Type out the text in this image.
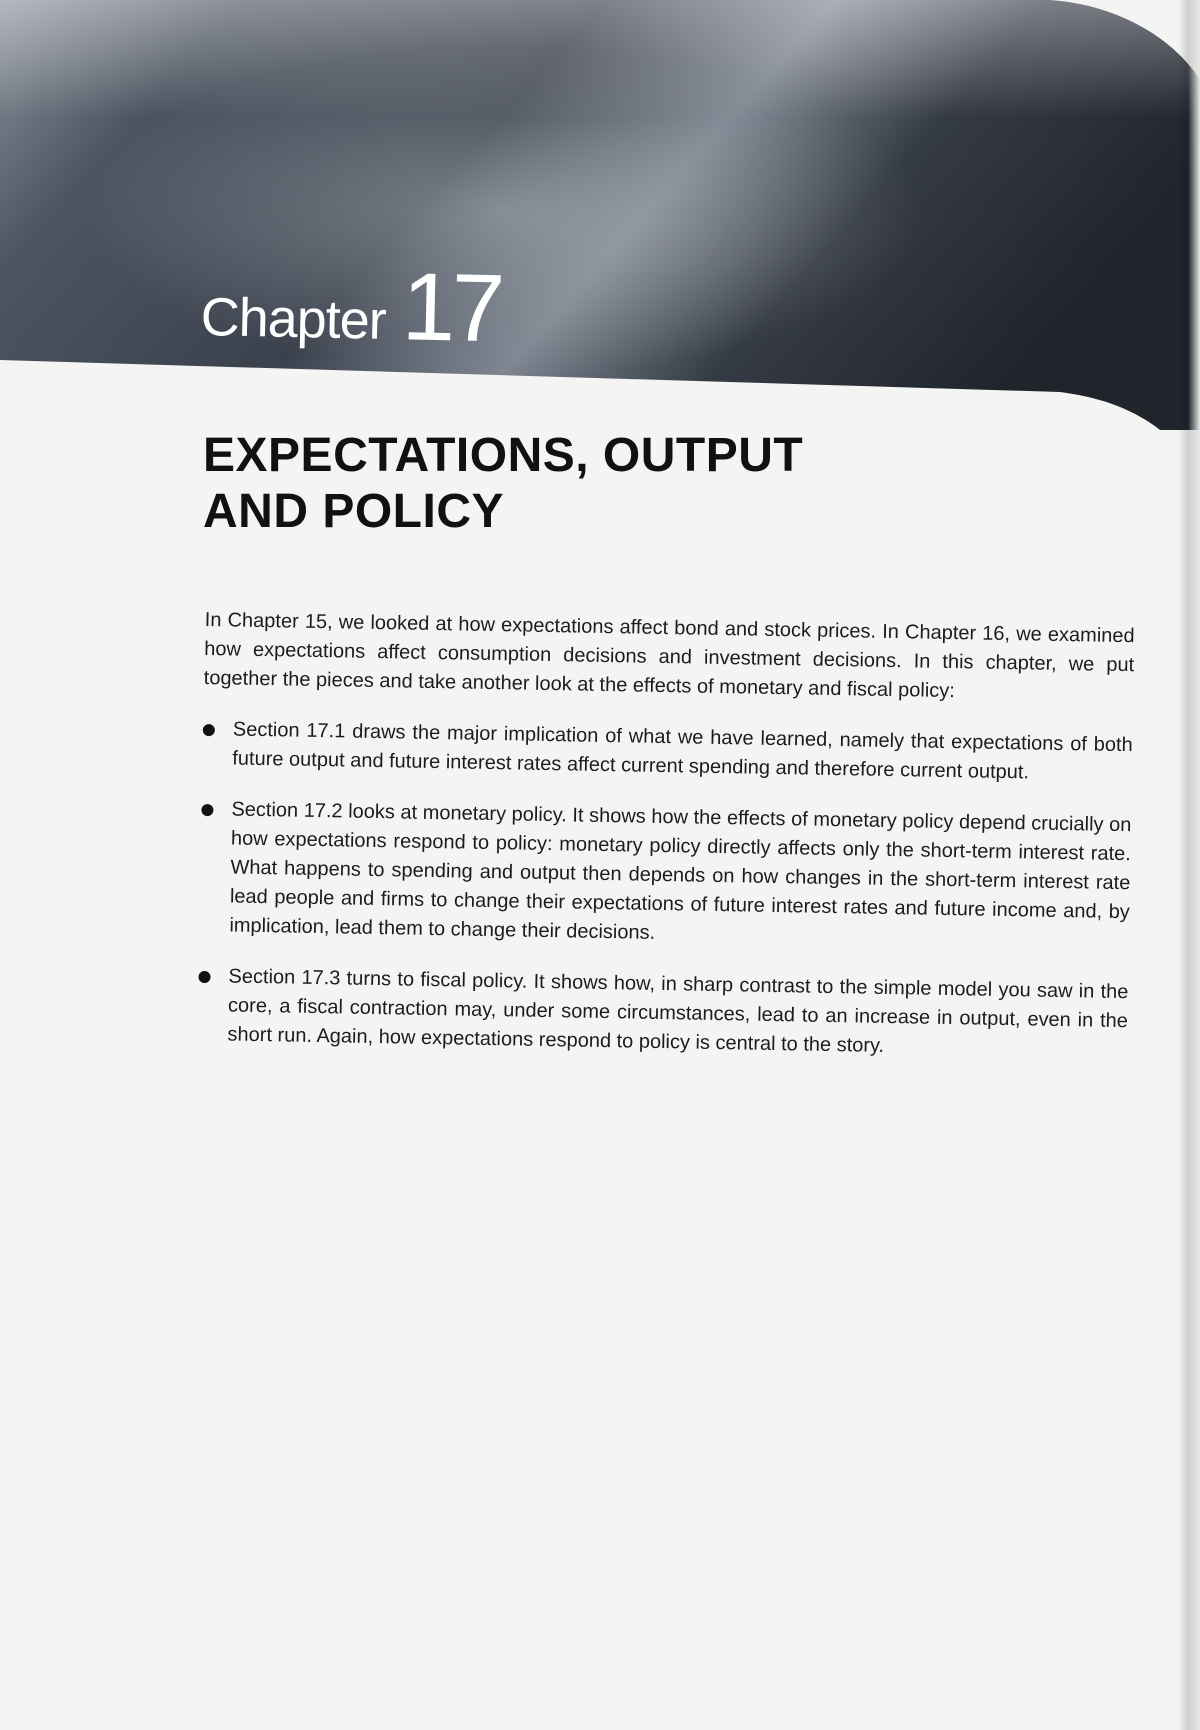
Chapter 17
EXPECTATIONS, OUTPUT
AND POLICY

In Chapter 15, we looked at how expectations affect bond and stock prices. In Chapter 16, we examined how expectations affect consumption decisions and investment decisions. In this chapter, we put together the pieces and take another look at the effects of monetary and fiscal policy:

Section 17.1 draws the major implication of what we have learned, namely that expectations of both future output and future interest rates affect current spending and therefore current output.
Section 17.2 looks at monetary policy. It shows how the effects of monetary policy depend crucially on how expectations respond to policy: monetary policy directly affects only the short-term interest rate. What happens to spending and output then depends on how changes in the short-term interest rate lead people and firms to change their expectations of future interest rates and future income and, by implication, lead them to change their decisions.
Section 17.3 turns to fiscal policy. It shows how, in sharp contrast to the simple model you saw in the core, a fiscal contraction may, under some circumstances, lead to an increase in output, even in the short run. Again, how expectations respond to policy is central to the story.
